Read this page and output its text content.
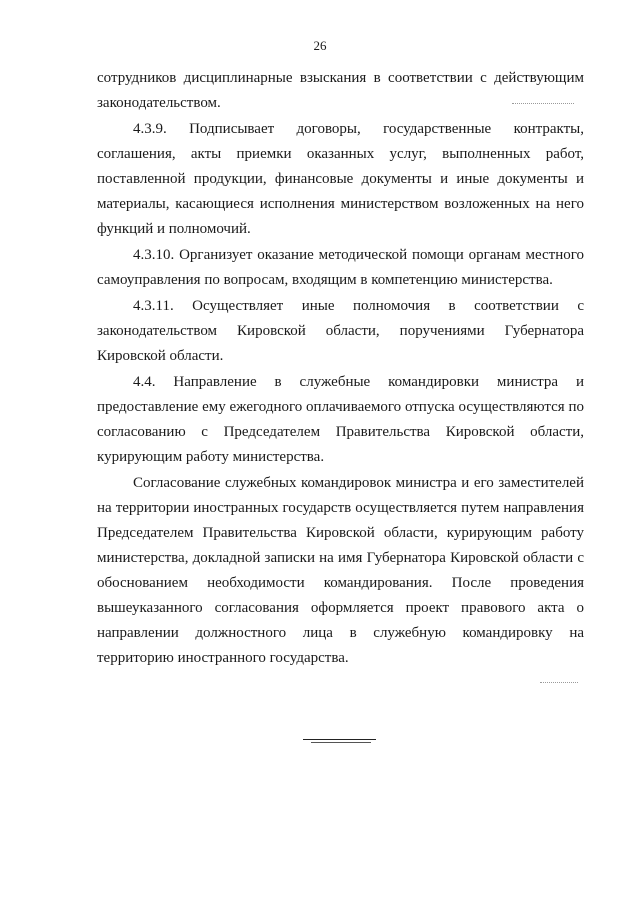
26

сотрудников дисциплинарные взыскания в соответствии с действующим законодательством.

4.3.9. Подписывает договоры, государственные контракты, соглашения, акты приемки оказанных услуг, выполненных работ, поставленной продукции, финансовые документы и иные документы и материалы, касающиеся исполнения министерством возложенных на него функций и полномочий.

4.3.10. Организует оказание методической помощи органам местного самоуправления по вопросам, входящим в компетенцию министерства.

4.3.11. Осуществляет иные полномочия в соответствии с законодательством Кировской области, поручениями Губернатора Кировской области.

4.4. Направление в служебные командировки министра и предоставление ему ежегодного оплачиваемого отпуска осуществляются по согласованию с Председателем Правительства Кировской области, курирующим работу министерства.

Согласование служебных командировок министра и его заместителей на территории иностранных государств осуществляется путем направления Председателем Правительства Кировской области, курирующим работу министерства, докладной записки на имя Губернатора Кировской области с обоснованием необходимости командирования. После проведения вышеуказанного согласования оформляется проект правового акта о направлении должностного лица в служебную командировку на территорию иностранного государства.
